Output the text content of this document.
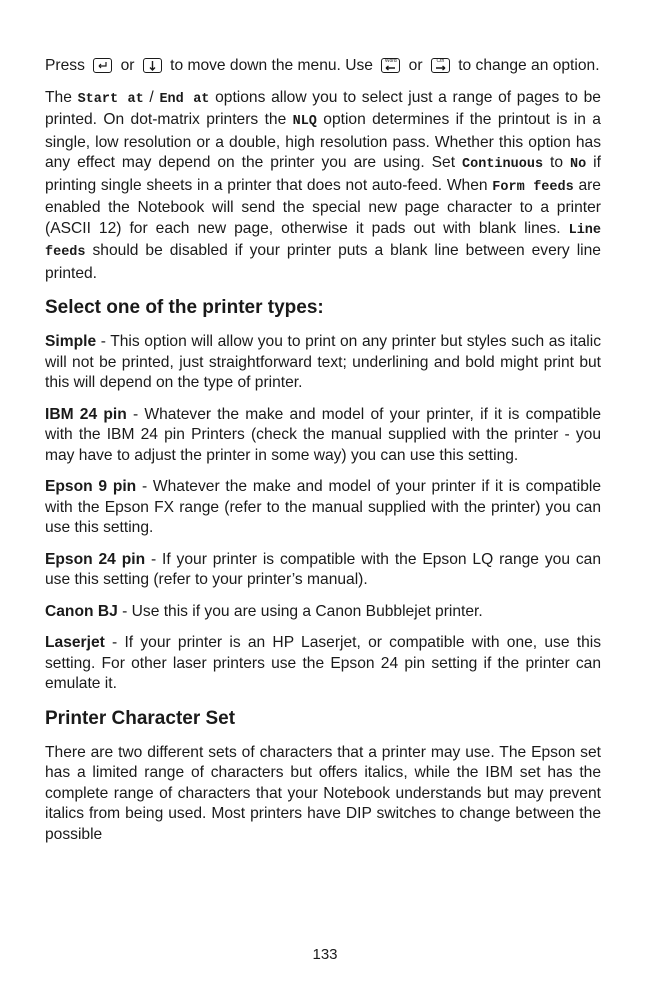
Press or to move down the menu. Use	Word or	Ctrl to change an option.

The Start at / End at options allow you to select just a range of pages to be printed. On dot-matrix printers the NLQ option determines if the printout is in a single, low resolution or a double, high resolution pass. Whether this option has any effect may depend on the printer you are using. Set Continuous to No if printing single sheets in a printer that does not auto-feed. When Form feeds are enabled the Notebook will send the special new page character to a printer (ASCII 12) for each new page, otherwise it pads out with blank lines. Line feeds should be disabled if your printer puts a blank line between every line printed.

Select one of the printer types:

Simple - This option will allow you to print on any printer but styles such as italic will not be printed, just straightforward text; underlining and bold might print but this will depend on the type of printer.

IBM 24 pin - Whatever the make and model of your printer, if it is compatible with the IBM 24 pin Printers (check the manual supplied with the printer - you may have to adjust the printer in some way) you can use this setting.

Epson 9 pin - Whatever the make and model of your printer if it is compatible with the Epson FX range (refer to the manual supplied with the printer) you can use this setting.

Epson 24 pin - If your printer is compatible with the Epson LQ range you can use this setting (refer to your printer’s manual).

Canon BJ - Use this if you are using a Canon Bubblejet printer.

Laserjet - If your printer is an HP Laserjet, or compatible with one, use this setting. For other laser printers use the Epson 24 pin setting if the printer can emulate it.

Printer Character Set

There are two different sets of characters that a printer may use. The Epson set has a limited range of characters but offers italics, while the IBM set has the complete range of characters that your Notebook understands but may prevent italics from being used. Most printers have DIP switches to change between the possible

133
